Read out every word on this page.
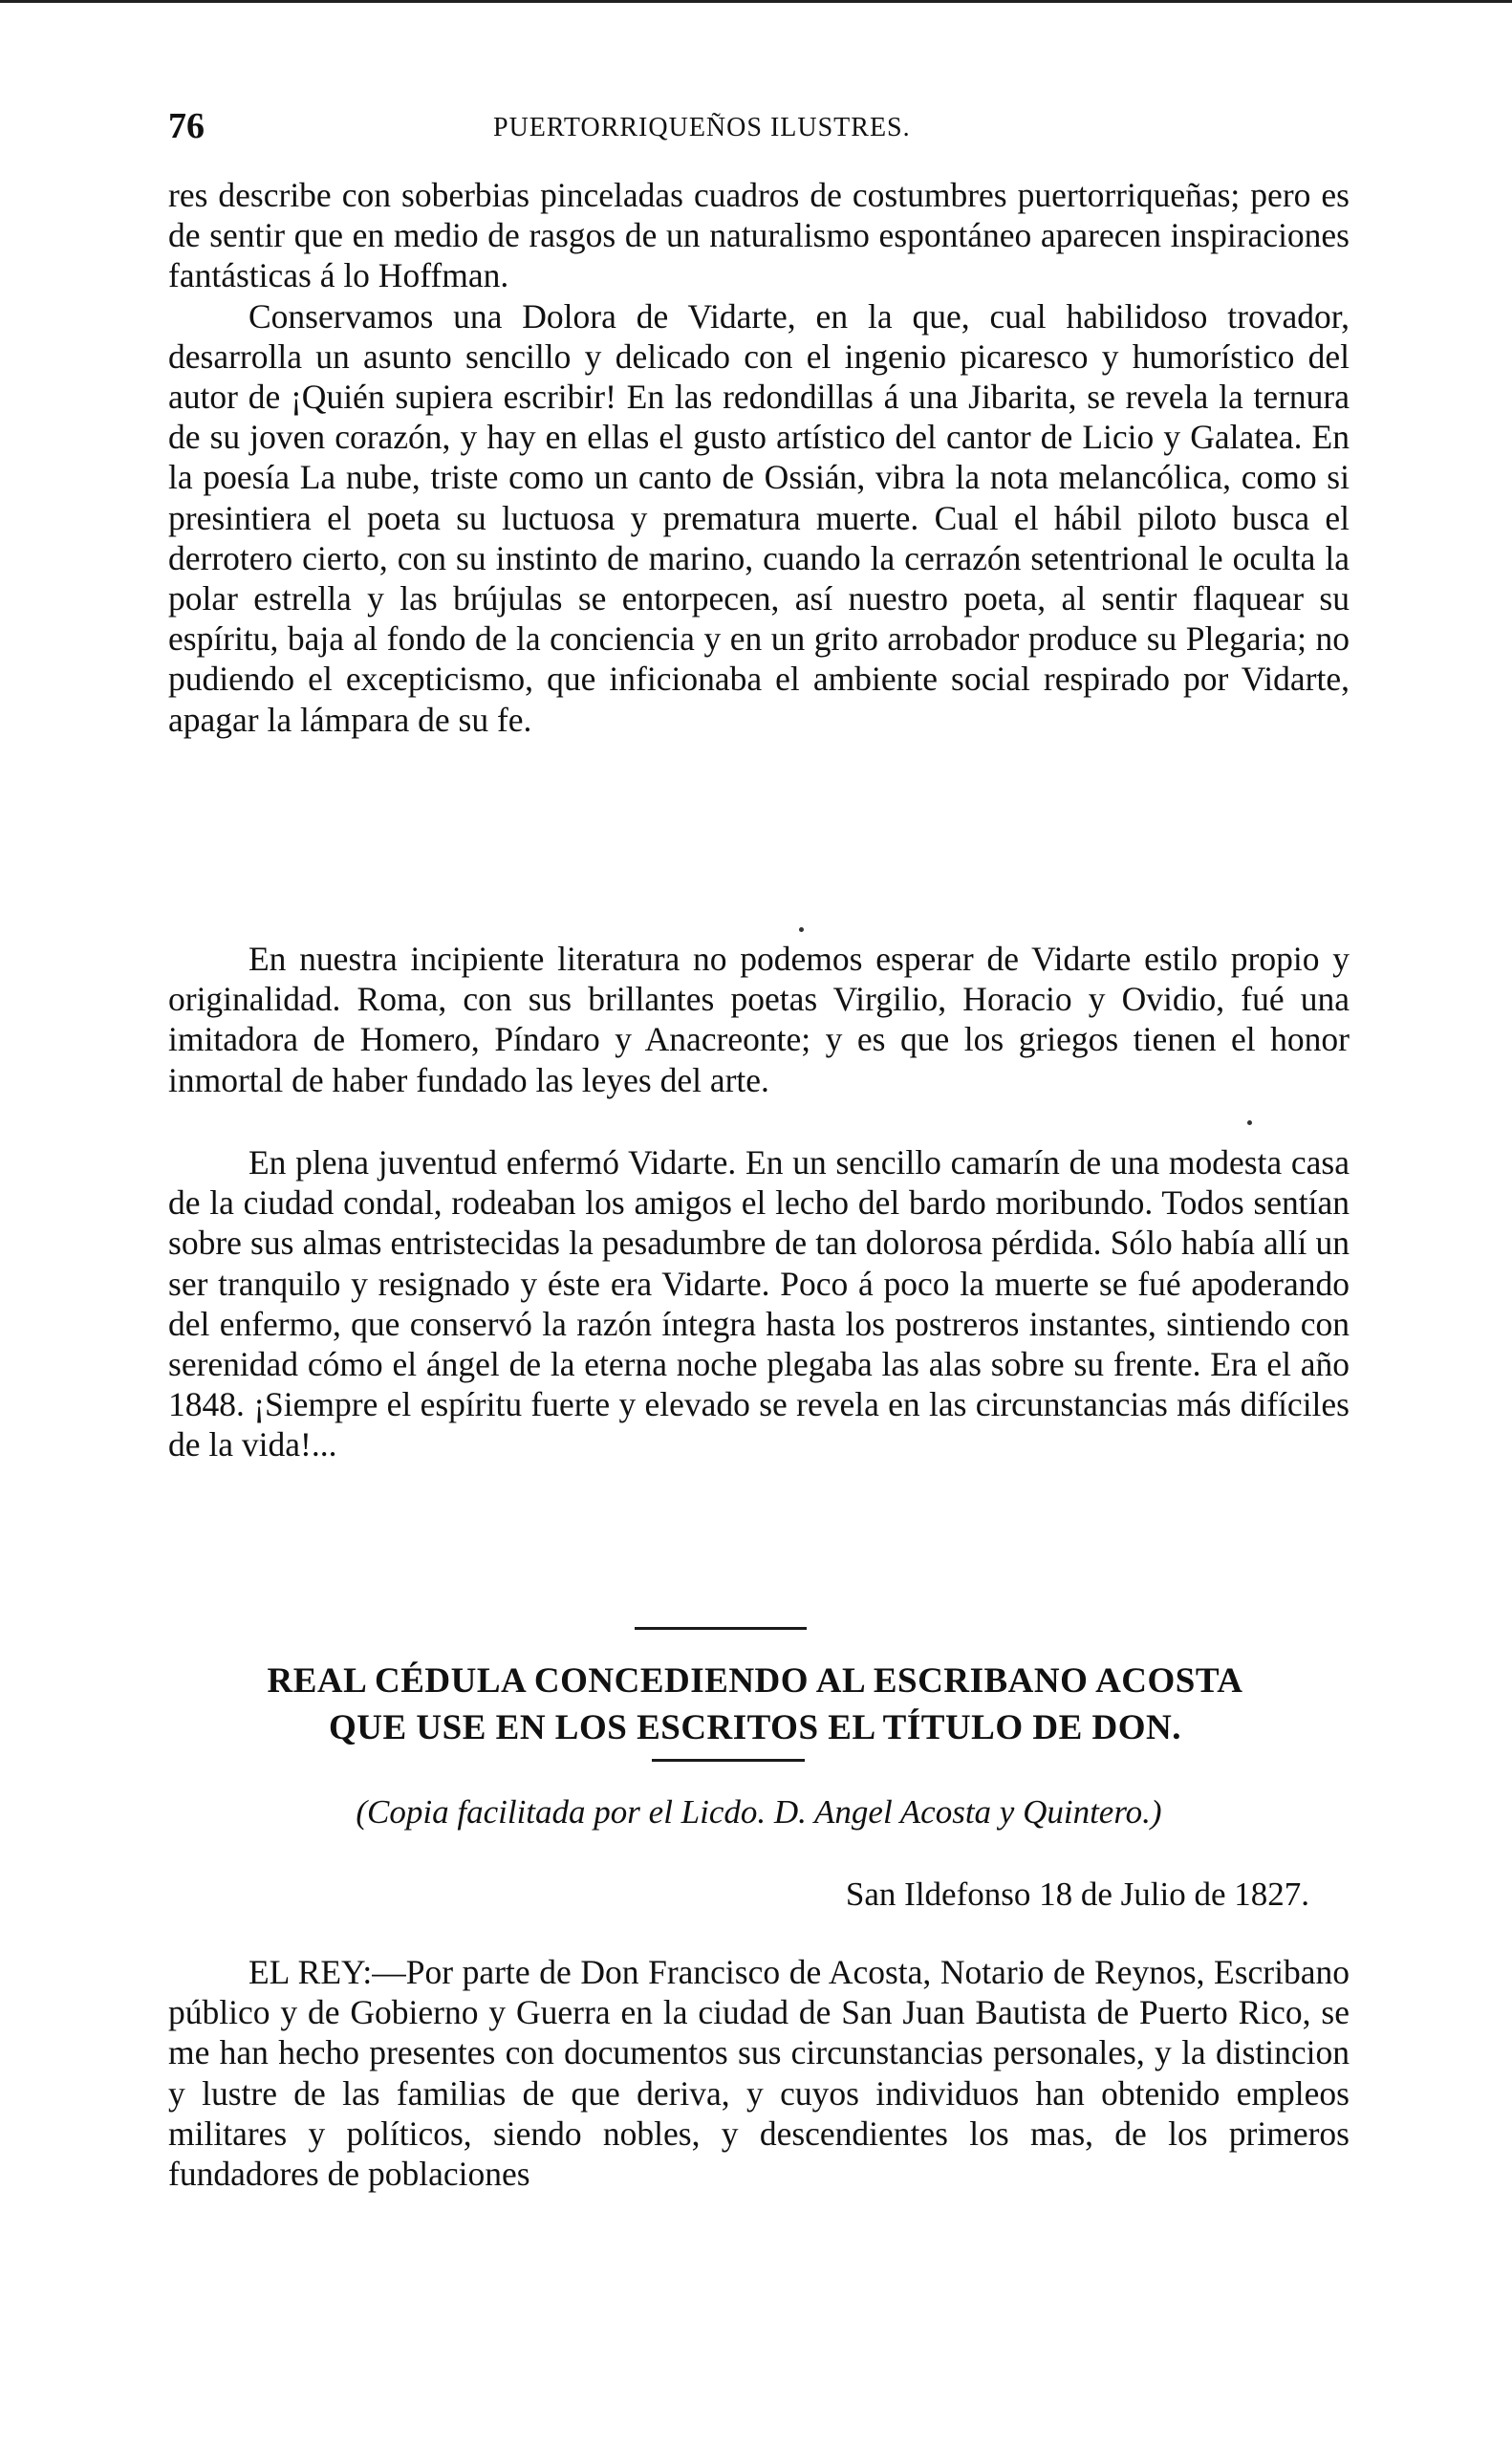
76	PUERTORRIQUEÑOS ILUSTRES.

res describe con soberbias pinceladas cuadros de costumbres puertorriqueñas; pero es de sentir que en medio de rasgos de un naturalismo espontáneo aparecen inspiraciones fantásticas á lo Hoffman.

Conservamos una Dolora de Vidarte, en la que, cual habilidoso trovador, desarrolla un asunto sencillo y delicado con el ingenio picaresco y humorístico del autor de ¡Quién supiera escribir! En las redondillas á una Jibarita, se revela la ternura de su joven corazón, y hay en ellas el gusto artístico del cantor de Licio y Galatea. En la poesía La nube, triste como un canto de Ossián, vibra la nota melancólica, como si presintiera el poeta su luctuosa y prematura muerte. Cual el hábil piloto busca el derrotero cierto, con su instinto de marino, cuando la cerrazón setentrional le oculta la polar estrella y las brújulas se entorpecen, así nuestro poeta, al sentir flaquear su espíritu, baja al fondo de la conciencia y en un grito arrobador produce su Plegaria; no pudiendo el excepticismo, que inficionaba el ambiente social respirado por Vidarte, apagar la lámpara de su fe.

En nuestra incipiente literatura no podemos esperar de Vidarte estilo propio y originalidad. Roma, con sus brillantes poetas Virgilio, Horacio y Ovidio, fué una imitadora de Homero, Píndaro y Anacreonte; y es que los griegos tienen el honor inmortal de haber fundado las leyes del arte.

En plena juventud enfermó Vidarte. En un sencillo camarín de una modesta casa de la ciudad condal, rodeaban los amigos el lecho del bardo moribundo. Todos sentían sobre sus almas entristecidas la pesadumbre de tan dolorosa pérdida. Sólo había allí un ser tranquilo y resignado y éste era Vidarte. Poco á poco la muerte se fué apoderando del enfermo, que conservó la razón íntegra hasta los postreros instantes, sintiendo con serenidad cómo el ángel de la eterna noche plegaba las alas sobre su frente. Era el año 1848. ¡Siempre el espíritu fuerte y elevado se revela en las circunstancias más difíciles de la vida!...

REAL CÉDULA CONCEDIENDO AL ESCRIBANO ACOSTA
QUE USE EN LOS ESCRITOS EL TÍTULO DE DON.
(Copia facilitada por el Licdo. D. Angel Acosta y Quintero.)
San Ildefonso 18 de Julio de 1827.

EL REY:—Por parte de Don Francisco de Acosta, Notario de Reynos, Escribano público y de Gobierno y Guerra en la ciudad de San Juan Bautista de Puerto Rico, se me han hecho presentes con documentos sus circunstancias personales, y la distincion y lustre de las familias de que deriva, y cuyos individuos han obtenido empleos militares y políticos, siendo nobles, y descendientes los mas, de los primeros fundadores de poblaciones
